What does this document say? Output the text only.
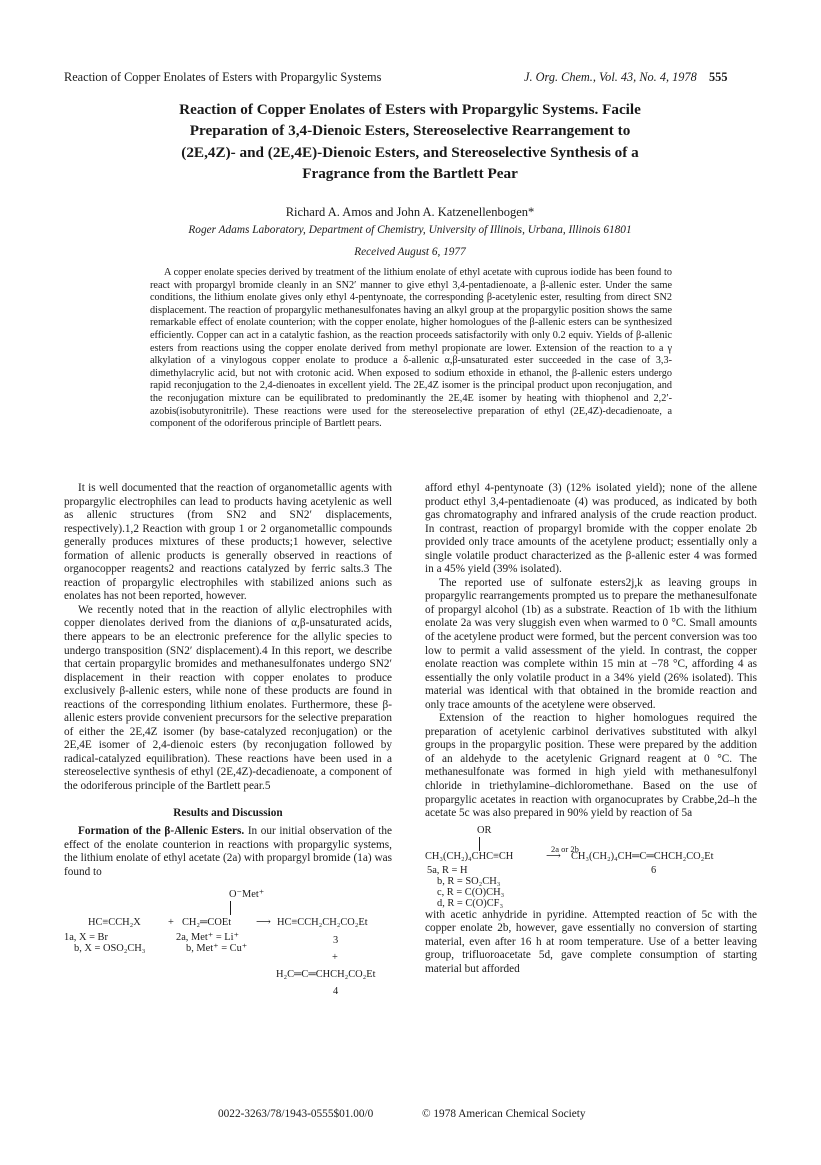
Reaction of Copper Enolates of Esters with Propargylic Systems	J. Org. Chem., Vol. 43, No. 4, 1978 555
Reaction of Copper Enolates of Esters with Propargylic Systems. Facile
Preparation of 3,4-Dienoic Esters, Stereoselective Rearrangement to
(2E,4Z)- and (2E,4E)-Dienoic Esters, and Stereoselective Synthesis of a
Fragrance from the Bartlett Pear
Richard A. Amos and John A. Katzenellenbogen*
Roger Adams Laboratory, Department of Chemistry, University of Illinois, Urbana, Illinois 61801
Received August 6, 1977
A copper enolate species derived by treatment of the lithium enolate of ethyl acetate with cuprous iodide has been found to react with propargyl bromide cleanly in an SN2′ manner to give ethyl 3,4-pentadienoate, a β-allenic ester. Under the same conditions, the lithium enolate gives only ethyl 4-pentynoate, the corresponding β-acetylenic ester, resulting from direct SN2 displacement. The reaction of propargylic methanesulfonates having an alkyl group at the propargylic position shows the same remarkable effect of enolate counterion; with the copper enolate, higher homologues of the β-allenic esters can be synthesized efficiently. Copper can act in a catalytic fashion, as the reaction proceeds satisfactorily with only 0.2 equiv. Yields of β-allenic esters from reactions using the copper enolate derived from methyl propionate are lower. Extension of the reaction to a γ alkylation of a vinylogous copper enolate to produce a δ-allenic α,β-unsaturated ester succeeded in the case of 3,3-dimethylacrylic acid, but not with crotonic acid. When exposed to sodium ethoxide in ethanol, the β-allenic esters undergo rapid reconjugation to the 2,4-dienoates in excellent yield. The 2E,4Z isomer is the principal product upon reconjugation, and the reconjugation mixture can be equilibrated to predominantly the 2E,4E isomer by heating with thiophenol and 2,2′-azobis(isobutyronitrile). These reactions were used for the stereoselective preparation of ethyl (2E,4Z)-decadienoate, a component of the odoriferous principle of Bartlett pears.

It is well documented that the reaction of organometallic agents with propargylic electrophiles can lead to products having acetylenic as well as allenic structures (from SN2 and SN2′ displacements, respectively).1,2 Reaction with group 1 or 2 organometallic compounds generally produces mixtures of these products;1 however, selective formation of allenic products is generally observed in reactions of organocopper reagents2 and reactions catalyzed by ferric salts.3 The reaction of propargylic electrophiles with stabilized anions such as enolates has not been reported, however.

We recently noted that in the reaction of allylic electrophiles with copper dienolates derived from the dianions of α,β-unsaturated acids, there appears to be an electronic preference for the allylic species to undergo transposition (SN2′ displacement).4 In this report, we describe that certain propargylic bromides and methanesulfonates undergo SN2′ displacement in their reaction with copper enolates to produce exclusively β-allenic esters, while none of these products are found in reactions of the corresponding lithium enolates. Furthermore, these β-allenic esters provide convenient precursors for the selective preparation of either the 2E,4Z isomer (by base-catalyzed reconjugation) or the 2E,4E isomer of 2,4-dienoic esters (by reconjugation followed by radical-catalyzed equilibration). These reactions have been used in a stereoselective synthesis of ethyl (2E,4Z)-decadienoate, a component of the odoriferous principle of the Bartlett pear.5

Results and Discussion

Formation of the β-Allenic Esters. In our initial observation of the effect of the enolate counterion in reactions with propargylic systems, the lithium enolate of ethyl acetate (2a) with propargyl bromide (1a) was found to

O⁻Met⁺
HC≡CCH₂X	+ CH₂═COEt ⟶ HC≡CCH₂CH₂CO₂Et
1a, X = Br
b, X = OSO₂CH₃
2a, Met⁺ = Li⁺
b, Met⁺ = Cu⁺
3
+
H₂C═C═CHCH₂CO₂Et
4

afford ethyl 4-pentynoate (3) (12% isolated yield); none of the allene product ethyl 3,4-pentadienoate (4) was produced, as indicated by both gas chromatography and infrared analysis of the crude reaction product. In contrast, reaction of propargyl bromide with the copper enolate 2b provided only trace amounts of the acetylene product; essentially only a single volatile product characterized as the β-allenic ester 4 was formed in a 45% yield (39% isolated).

The reported use of sulfonate esters2j,k as leaving groups in propargylic rearrangements prompted us to prepare the methanesulfonate of propargyl alcohol (1b) as a substrate. Reaction of 1b with the lithium enolate 2a was very sluggish even when warmed to 0 °C. Small amounts of the acetylene product were formed, but the percent conversion was too low to permit a valid assessment of the yield. In contrast, the copper enolate reaction was complete within 15 min at −78 °C, affording 4 as essentially the only volatile product in a 34% yield (26% isolated). This material was identical with that obtained in the bromide reaction and only trace amounts of the acetylene were observed.

Extension of the reaction to higher homologues required the preparation of acetylenic carbinol derivatives substituted with alkyl groups in the propargylic position. These were prepared by the addition of an aldehyde to the acetylenic Grignard reagent at 0 °C. The methanesulfonate was formed in high yield with methanesulfonyl chloride in triethylamine–dichloromethane. Based on the use of propargylic acetates in reaction with organocuprates by Crabbe,2d–h the acetate 5c was also prepared in 90% yield by reaction of 5a

OR
CH₃(CH₂)₄CHC≡CH
2a or 2b
⟶ CH₃(CH₂)₄CH═C═CHCH₂CO₂Et
6
5a, R = H
b, R = SO₂CH₃
c, R = C(O)CH₃
d, R = C(O)CF₃

with acetic anhydride in pyridine. Attempted reaction of 5c with the copper enolate 2b, however, gave essentially no conversion of starting material, even after 16 h at room temperature. Use of a better leaving group, trifluoroacetate 5d, gave complete consumption of starting material but afforded

0022-3263/78/1943-0555$01.00/0	© 1978 American Chemical Society
